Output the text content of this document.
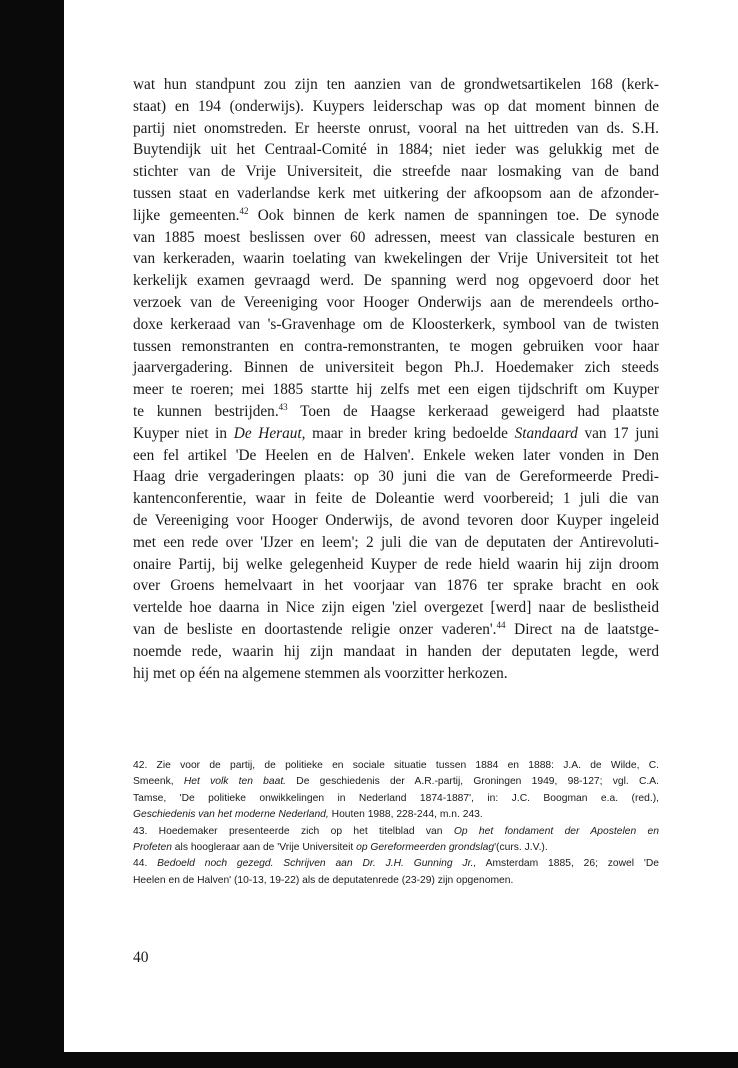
wat hun standpunt zou zijn ten aanzien van de grondwetsartikelen 168 (kerk-
staat) en 194 (onderwijs). Kuypers leiderschap was op dat moment binnen de
partij niet onomstreden. Er heerste onrust, vooral na het uittreden van ds. S.H.
Buytendijk uit het Centraal-Comité in 1884; niet ieder was gelukkig met de
stichter van de Vrije Universiteit, die streefde naar losmaking van de band
tussen staat en vaderlandse kerk met uitkering der afkoopsom aan de afzonder-
lijke gemeenten.$^{42}$ Ook binnen de kerk namen de spanningen toe. De synode
van 1885 moest beslissen over 60 adressen, meest van classicale besturen en
van kerkeraden, waarin toelating van kwekelingen der Vrije Universiteit tot het
kerkelijk examen gevraagd werd. De spanning werd nog opgevoerd door het
verzoek van de Vereeniging voor Hooger Onderwijs aan de merendeels ortho-
doxe kerkeraad van 's-Gravenhage om de Kloosterkerk, symbool van de twisten
tussen remonstranten en contra-remonstranten, te mogen gebruiken voor haar
jaarvergadering. Binnen de universiteit begon Ph.J. Hoedemaker zich steeds
meer te roeren; mei 1885 startte hij zelfs met een eigen tijdschrift om Kuyper
te kunnen bestrijden.$^{43}$ Toen de Haagse kerkeraad geweigerd had plaatste
Kuyper niet in De Heraut, maar in breder kring bedoelde Standaard van 17 juni
een fel artikel 'De Heelen en de Halven'. Enkele weken later vonden in Den
Haag drie vergaderingen plaats: op 30 juni die van de Gereformeerde Predi-
kantenconferentie, waar in feite de Doleantie werd voorbereid; 1 juli die van
de Vereeniging voor Hooger Onderwijs, de avond tevoren door Kuyper ingeleid
met een rede over 'IJzer en leem'; 2 juli die van de deputaten der Antirevoluti-
onaire Partij, bij welke gelegenheid Kuyper de rede hield waarin hij zijn droom
over Groens hemelvaart in het voorjaar van 1876 ter sprake bracht en ook
vertelde hoe daarna in Nice zijn eigen 'ziel overgezet [werd] naar de beslistheid
van de besliste en doortastende religie onzer vaderen'.$^{44}$ Direct na de laatstge-
noemde rede, waarin hij zijn mandaat in handen der deputaten legde, werd
hij met op één na algemene stemmen als voorzitter herkozen.
42. Zie voor de partij, de politieke en sociale situatie tussen 1884 en 1888: J.A. de Wilde, C.
Smeenk, Het volk ten baat. De geschiedenis der A.R.-partij, Groningen 1949, 98-127; vgl. C.A.
Tamse, 'De politieke onwikkelingen in Nederland 1874-1887', in: J.C. Boogman e.a. (red.),
Geschiedenis van het moderne Nederland, Houten 1988, 228-244, m.n. 243.
43. Hoedemaker presenteerde zich op het titelblad van Op het fondament der Apostelen en
Profeten als hoogleraar aan de 'Vrije Universiteit op Gereformeerden grondslag'(curs. J.V.).
44. Bedoeld noch gezegd. Schrijven aan Dr. J.H. Gunning Jr., Amsterdam 1885, 26; zowel 'De
Heelen en de Halven' (10-13, 19-22) als de deputatenrede (23-29) zijn opgenomen.
40
